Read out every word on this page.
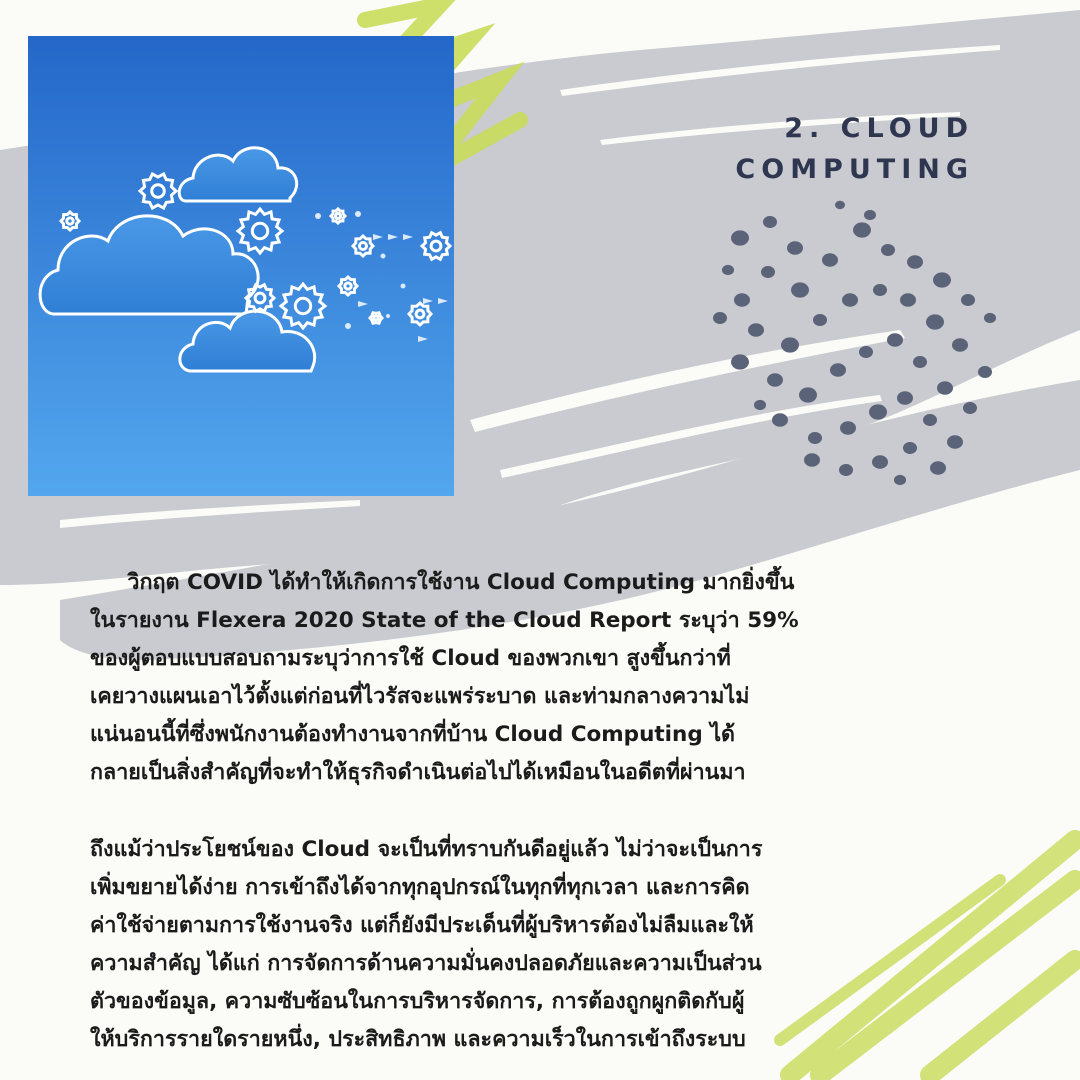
2. CLOUD
COMPUTING
วิกฤต COVID ได้ทำให้เกิดการใช้งาน Cloud Computing มากยิ่งขึ้น
ในรายงาน Flexera 2020 State of the Cloud Report ระบุว่า 59%
ของผู้ตอบแบบสอบถามระบุว่าการใช้ Cloud ของพวกเขา สูงขึ้นกว่าที่
เคยวางแผนเอาไว้ตั้งแต่ก่อนที่ไวรัสจะแพร่ระบาด และท่ามกลางความไม่
แน่นอนนี้ที่ซึ่งพนักงานต้องทำงานจากที่บ้าน Cloud Computing ได้
กลายเป็นสิ่งสำคัญที่จะทำให้ธุรกิจดำเนินต่อไปได้เหมือนในอดีตที่ผ่านมา
ถึงแม้ว่าประโยชน์ของ Cloud จะเป็นที่ทราบกันดีอยู่แล้ว ไม่ว่าจะเป็นการ
เพิ่มขยายได้ง่าย การเข้าถึงได้จากทุกอุปกรณ์ในทุกที่ทุกเวลา และการคิด
ค่าใช้จ่ายตามการใช้งานจริง แต่ก็ยังมีประเด็นที่ผู้บริหารต้องไม่ลืมและให้
ความสำคัญ ได้แก่ การจัดการด้านความมั่นคงปลอดภัยและความเป็นส่วน
ตัวของข้อมูล, ความซับซ้อนในการบริหารจัดการ, การต้องถูกผูกติดกับผู้
ให้บริการรายใดรายหนึ่ง, ประสิทธิภาพ และความเร็วในการเข้าถึงระบบ
